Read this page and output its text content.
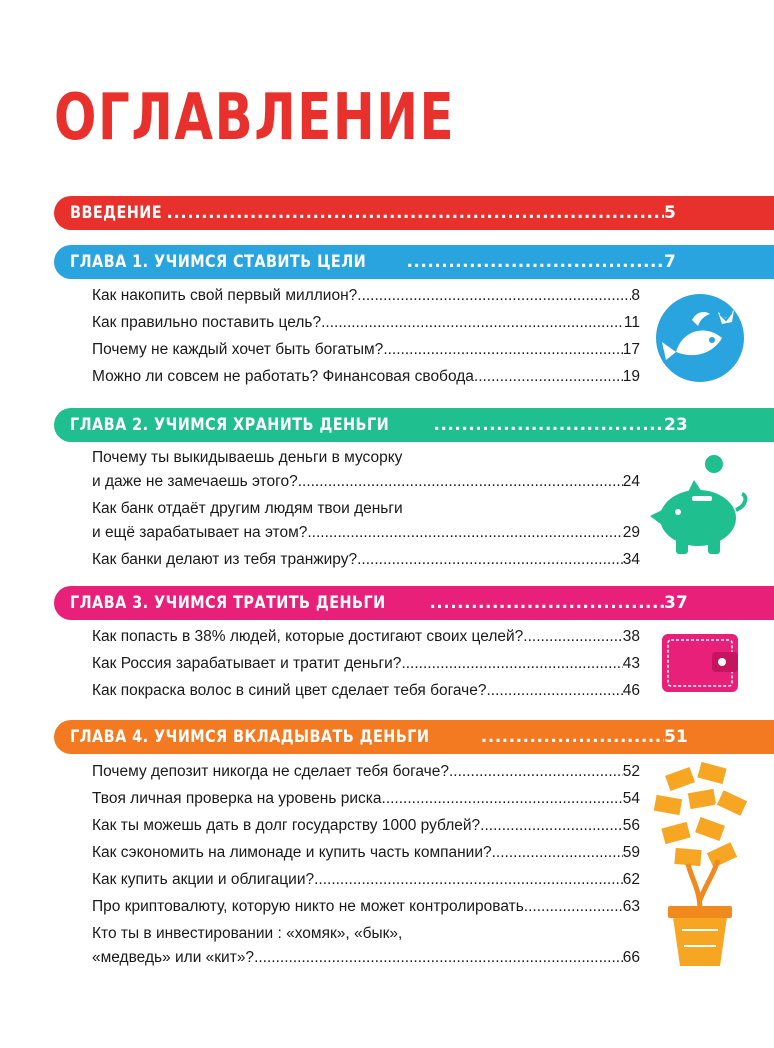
ОГЛАВЛЕНИЕ
ВВЕДЕНИЕ .....	5
ГЛАВА 1. УЧИМСЯ СТАВИТЬ ЦЕЛИ .....	7
Как накопить свой первый миллион? .....	8
Как правильно поставить цель? .....	11
Почему не каждый хочет быть богатым? .....	17
Можно ли совсем не работать? Финансовая свобода .....	19
ГЛАВА 2. УЧИМСЯ ХРАНИТЬ ДЕНЬГИ .....	23
Почему ты выкидываешь деньги в мусорку
и даже не замечаешь этого? .....	24
Как банк отдаёт другим людям твои деньги
и ещё зарабатывает на этом? .....	29
Как банки делают из тебя транжиру? .....	34
ГЛАВА 3. УЧИМСЯ ТРАТИТЬ ДЕНЬГИ .....	37
Как попасть в 38% людей, которые достигают своих целей? .....	38
Как Россия зарабатывает и тратит деньги? .....	43
Как покраска волос в синий цвет сделает тебя богаче? .....	46
ГЛАВА 4. УЧИМСЯ ВКЛАДЫВАТЬ ДЕНЬГИ .....	51
Почему депозит никогда не сделает тебя богаче? .....	52
Твоя личная проверка на уровень риска .....	54
Как ты можешь дать в долг государству 1000 рублей? .....	56
Как сэкономить на лимонаде и купить часть компании? .....	59
Как купить акции и облигации? .....	62
Про криптовалюту, которую никто не может контролировать .....	63
Кто ты в инвестировании : «хомяк», «бык»,
«медведь» или «кит»? .....	66
